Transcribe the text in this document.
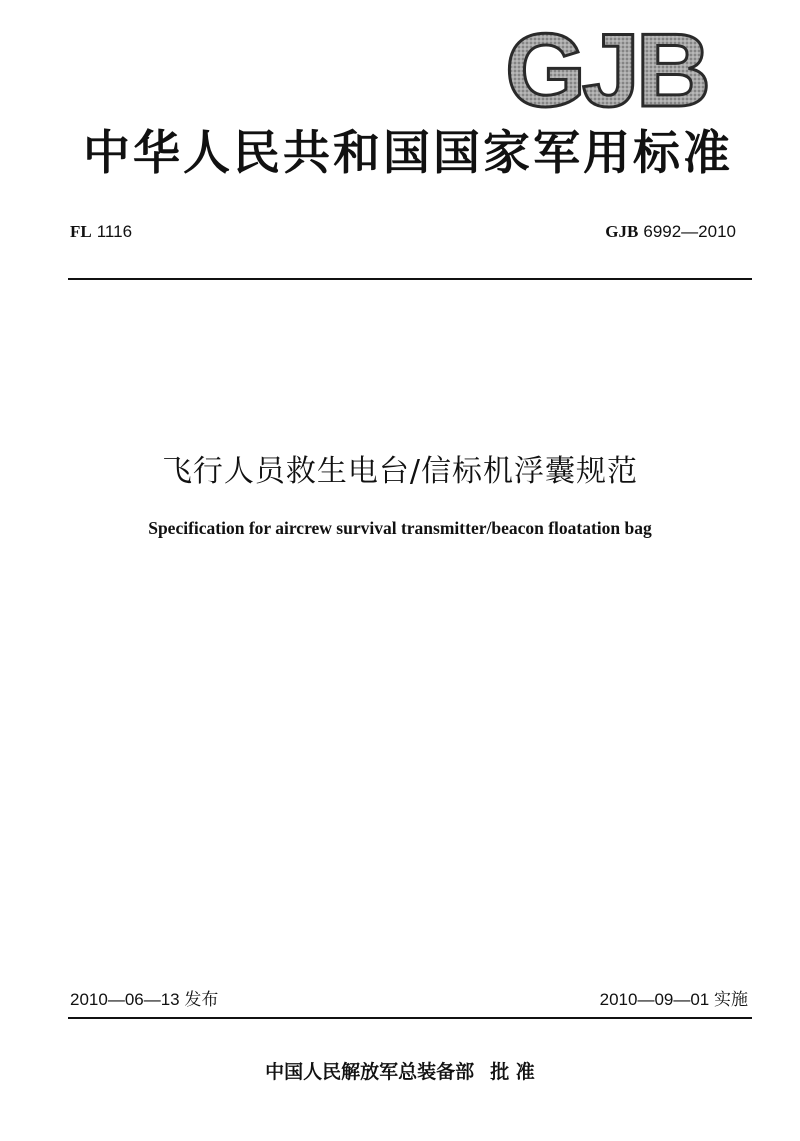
GJB
中华人民共和国国家军用标准
FL 1116	GJB 6992—2010
飞行人员救生电台/信标机浮囊规范
Specification for aircrew survival transmitter/beacon floatation bag
2010—06—13 发布	2010—09—01 实施
中国人民解放军总装备部 批 准
